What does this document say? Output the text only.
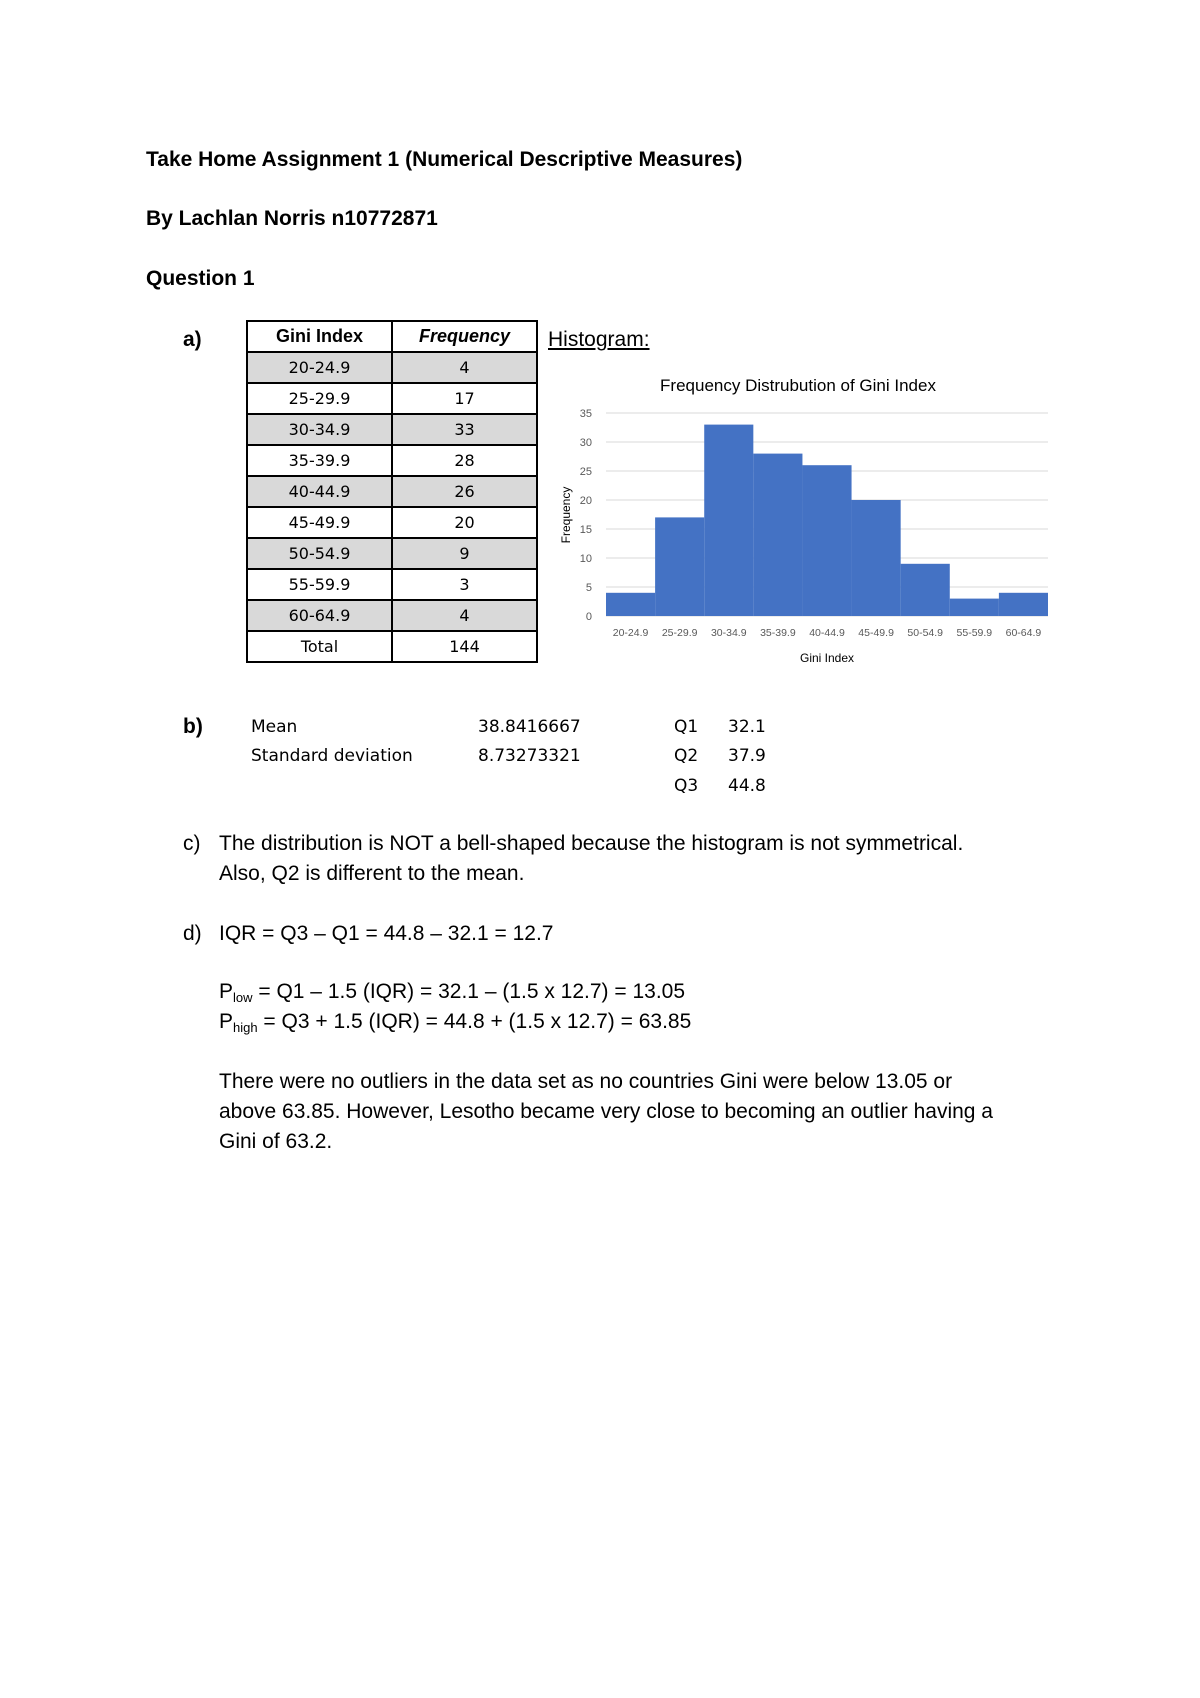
Take Home Assignment 1 (Numerical Descriptive Measures)
By Lachlan Norris n10772871
Question 1
a)	Gini Index	Frequency
20-24.9	4
25-29.9	17
30-34.9	33
35-39.9	28
40-44.9	26
45-49.9	20
50-54.9	9
55-59.9	3
60-64.9	4
Total	144
Histogram:
Frequency Distrubution of Gini Index
Frequency
Gini Index
0
5
10
15
20
25
30
35
20-24.9 25-29.9 30-34.9 35-39.9 40-44.9 45-49.9 50-54.9 55-59.9 60-64.9
b)	Mean	38.8416667
Standard deviation	8.73273321
Q1 32.1
Q2 37.9
Q3 44.8
c) The distribution is NOT a bell-shaped because the histogram is not symmetrical.
Also, Q2 is different to the mean.
d) IQR = Q3 – Q1 = 44.8 – 32.1 = 12.7
$P_{low} = Q1 - 1.5$ (IQR) = 32.1 – (1.5 x 12.7) = 13.05
$P_{high} = Q3 + 1.5$ (IQR) = 44.8 + (1.5 x 12.7) = 63.85
There were no outliers in the data set as no countries Gini were below 13.05 or
above 63.85. However, Lesotho became very close to becoming an outlier having a
Gini of 63.2.
